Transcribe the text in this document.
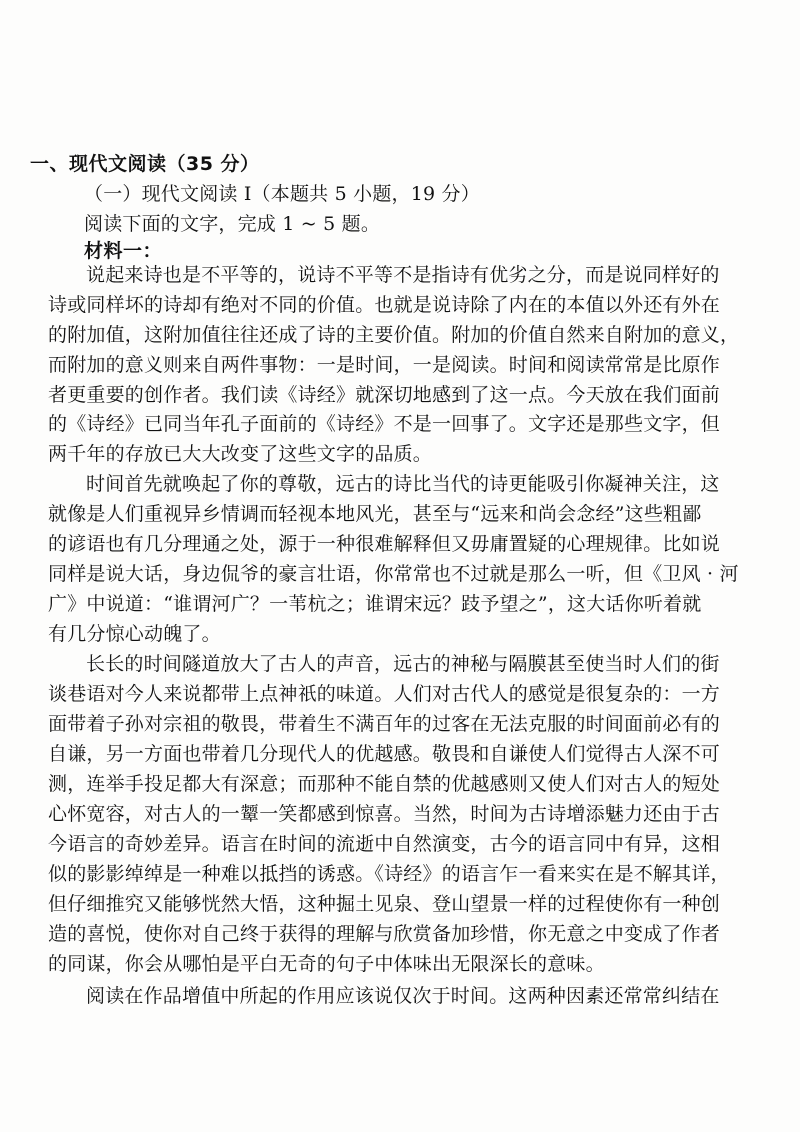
一、现代文阅读（35 分）
（一）现代文阅读 I（本题共 5 小题，19 分）
阅读下面的文字，完成 1 ~ 5 题。
材料一：
说起来诗也是不平等的，说诗不平等不是指诗有优劣之分，而是说同样好的
诗或同样坏的诗却有绝对不同的价值。也就是说诗除了内在的本值以外还有外在
的附加值，这附加值往往还成了诗的主要价值。附加的价值自然来自附加的意义，
而附加的意义则来自两件事物：一是时间，一是阅读。时间和阅读常常是比原作
者更重要的创作者。我们读《诗经》就深切地感到了这一点。今天放在我们面前
的《诗经》已同当年孔子面前的《诗经》不是一回事了。文字还是那些文字，但
两千年的存放已大大改变了这些文字的品质。
时间首先就唤起了你的尊敬，远古的诗比当代的诗更能吸引你凝神关注，这
就像是人们重视异乡情调而轻视本地风光，甚至与“远来和尚会念经”这些粗鄙
的谚语也有几分理通之处，源于一种很难解释但又毋庸置疑的心理规律。比如说
同样是说大话，身边侃爷的豪言壮语，你常常也不过就是那么一听，但《卫风 · 河
广》中说道：“谁谓河广？一苇杭之；谁谓宋远？跂予望之”，这大话你听着就
有几分惊心动魄了。
长长的时间隧道放大了古人的声音，远古的神秘与隔膜甚至使当时人们的街
谈巷语对今人来说都带上点神祇的味道。人们对古代人的感觉是很复杂的：一方
面带着子孙对宗祖的敬畏，带着生不满百年的过客在无法克服的时间面前必有的
自谦，另一方面也带着几分现代人的优越感。敬畏和自谦使人们觉得古人深不可
测，连举手投足都大有深意；而那种不能自禁的优越感则又使人们对古人的短处
心怀宽容，对古人的一颦一笑都感到惊喜。当然，时间为古诗增添魅力还由于古
今语言的奇妙差异。语言在时间的流逝中自然演变，古今的语言同中有异，这相
似的影影绰绰是一种难以抵挡的诱惑。《诗经》的语言乍一看来实在是不解其详，
但仔细推究又能够恍然大悟，这种掘土见泉、登山望景一样的过程使你有一种创
造的喜悦，使你对自己终于获得的理解与欣赏备加珍惜，你无意之中变成了作者
的同谋，你会从哪怕是平白无奇的句子中体味出无限深长的意味。
阅读在作品增值中所起的作用应该说仅次于时间。这两种因素还常常纠结在
